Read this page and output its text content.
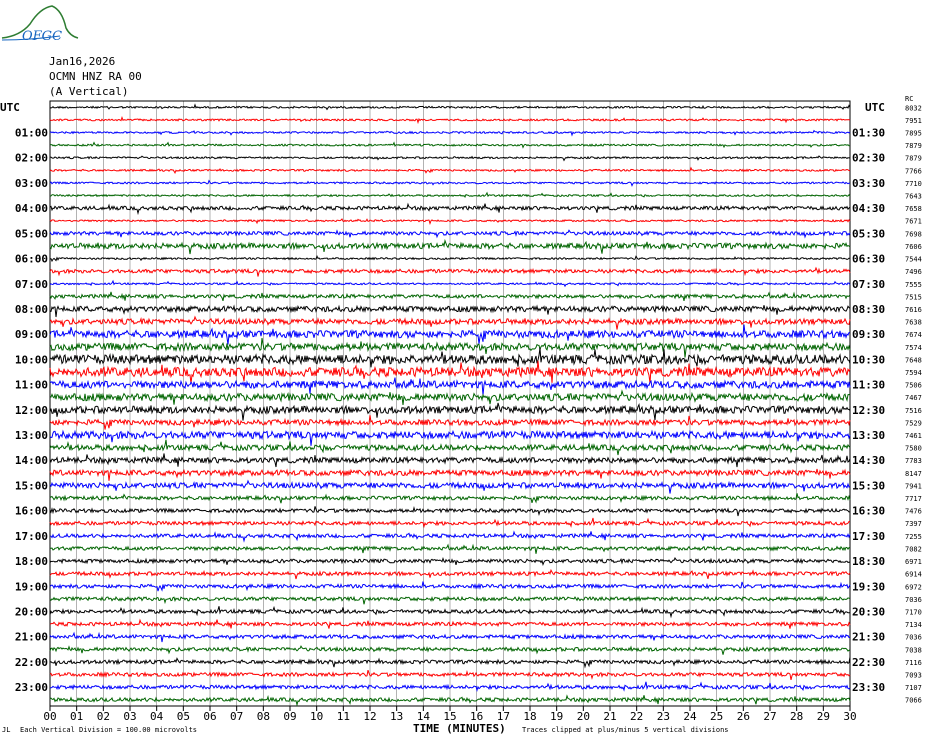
OFGC
Jan16,2026
OCMN HNZ RA 00
(A Vertical)
UTC	UTC
00 01 02 03 04 05 06 07 08 09 10 11 12 13 14 15 16 17 18 19 20 21 22 23 24 25 26 27 28 29 30
8032
7951
7895
7879
7879
7766
7710
7643
7658
7671
7698
7606
7544
7496
7555
7515
7616
7638
7674
7574
7648
7594
7506
7467
7516
7529
7461
7580
7783
8147
7941
7717
7476
7397
7255
7082
6971
6914
6972
7036
7170
7134
7036
7038
7116
7093
7107
7066
RC
01:00	01:30
02:00	02:30
03:00	03:30
04:00	04:30
05:00	05:30
06:00	06:30
07:00	07:30
08:00	08:30
09:00	09:30
10:00	10:30
11:00	11:30
12:00	12:30
13:00	13:30
14:00	14:30
15:00	15:30
16:00	16:30
17:00	17:30
18:00	18:30
19:00	19:30
20:00	20:30
21:00	21:30
22:00	22:30
23:00	23:30
JL Each Vertical Division = 100.00 microvolts	TIME (MINUTES) Traces clipped at plus/minus 5 vertical divisions
